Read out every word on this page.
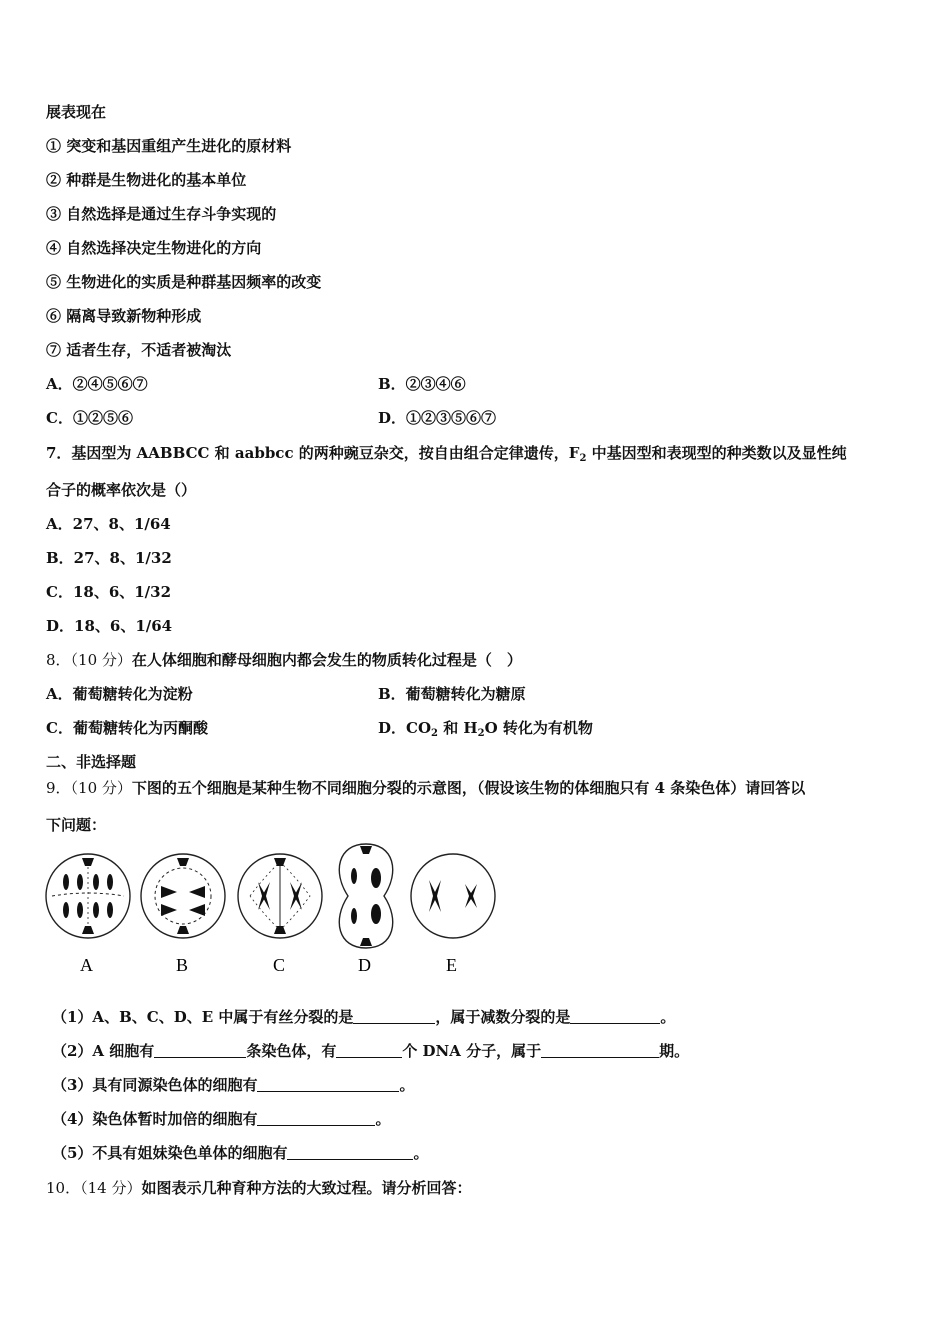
展表现在
① 突变和基因重组产生进化的原材料
② 种群是生物进化的基本单位
③ 自然选择是通过生存斗争实现的
④ 自然选择决定生物进化的方向
⑤ 生物进化的实质是种群基因频率的改变
⑥ 隔离导致新物种形成
⑦ 适者生存，不适者被淘汰
A．②④⑤⑥⑦	B．②③④⑥
C．①②⑤⑥	D．①②③⑤⑥⑦
7．基因型为 AABBCC 和 aabbcc 的两种豌豆杂交，按自由组合定律遗传，$F_2$ 中基因型和表现型的种类数以及显性纯
合子的概率依次是（）
A．27、8、1/64
B．27、8、1/32
C．18、6、1/32
D．18、6、1/64
8．（10 分）在人体细胞和酵母细胞内都会发生的物质转化过程是（　）
A．葡萄糖转化为淀粉	B．葡萄糖转化为糖原
C．葡萄糖转化为丙酮酸	D．$CO_2$ 和 $H_2O$ 转化为有机物
二、非选择题
9．（10 分）下图的五个细胞是某种生物不同细胞分裂的示意图，（假设该生物的体细胞只有 4 条染色体）请回答以
下问题：
A	B	C	D	E
（1）A、B、C、D、E 中属于有丝分裂的是	，属于减数分裂的是	。
（2）A 细胞有	条染色体，有	个 DNA 分子，属于	期。
（3）具有同源染色体的细胞有	。
（4）染色体暂时加倍的细胞有	。
（5）不具有姐妹染色单体的细胞有	。
10．（14 分）如图表示几种育种方法的大致过程。请分析回答：
